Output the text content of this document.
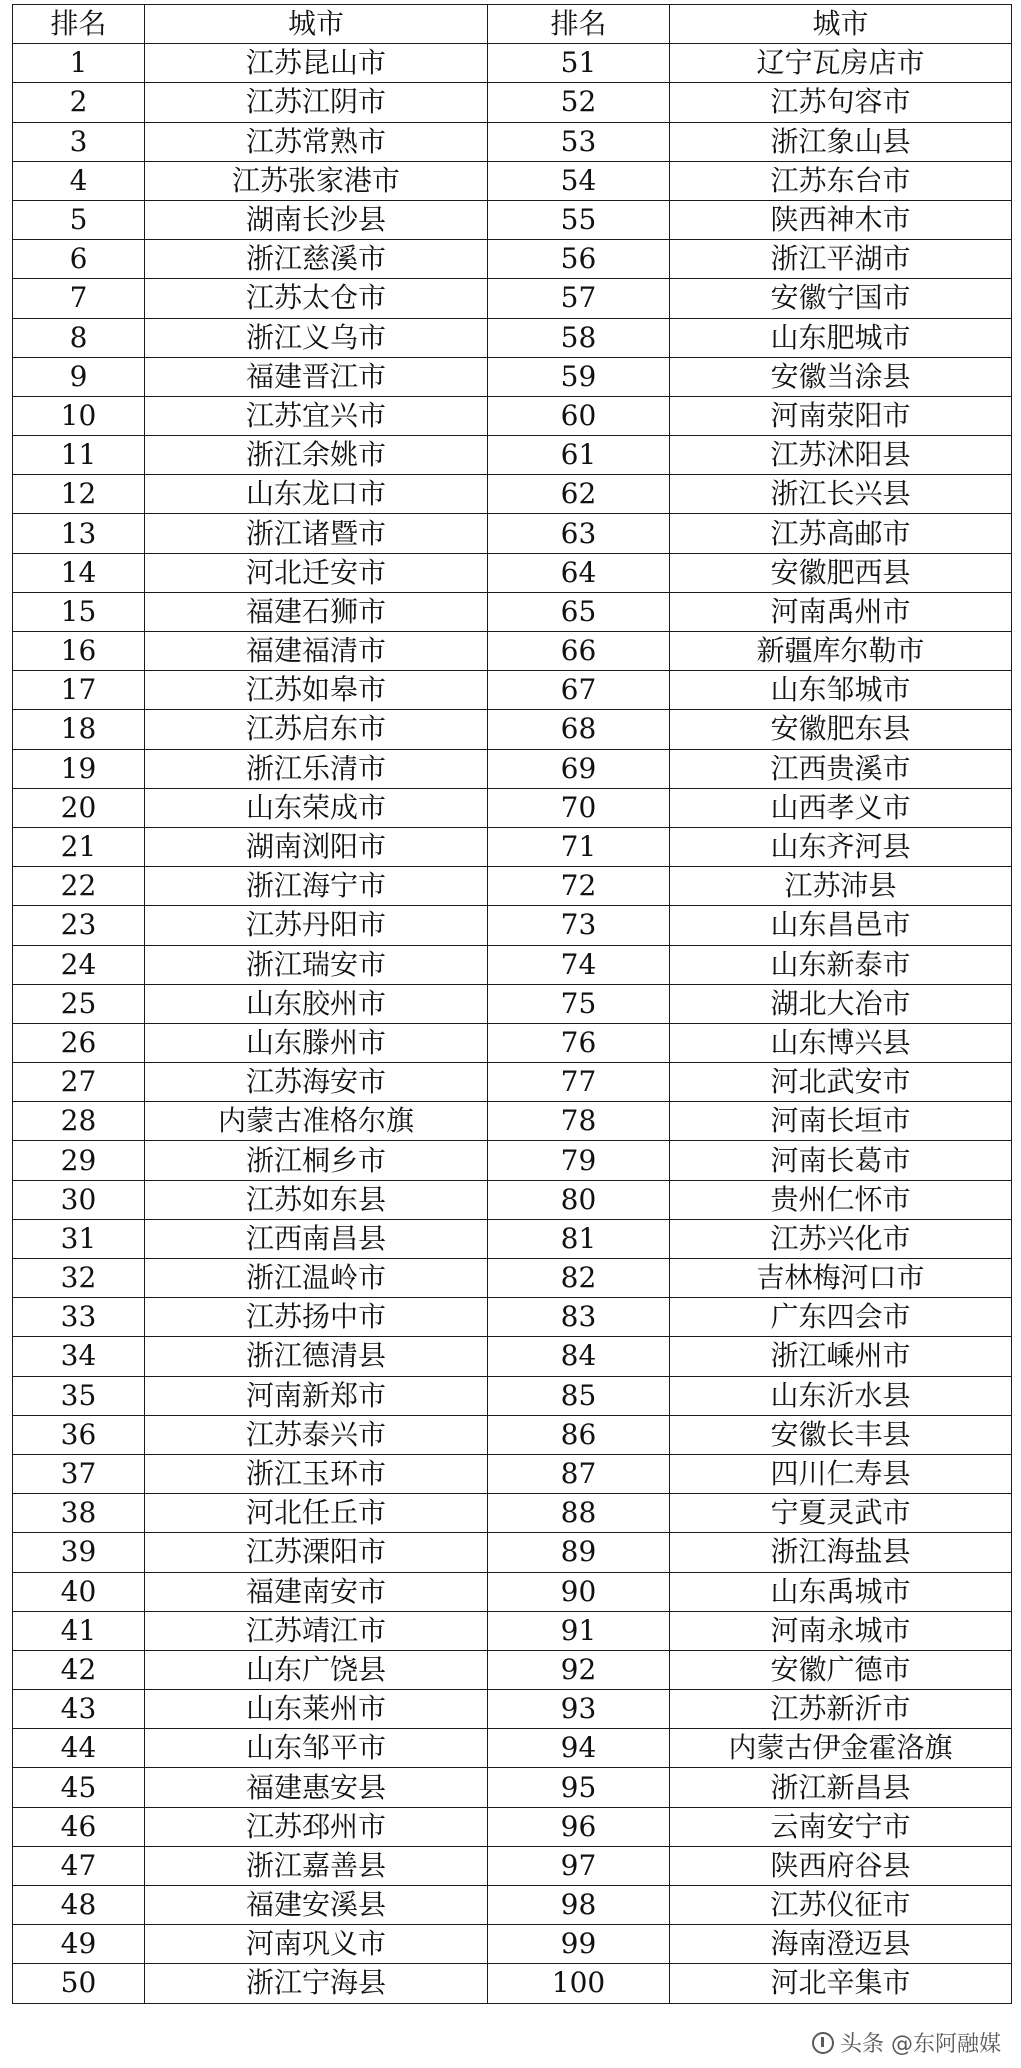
排名	城市	排名	城市
1	江苏昆山市	51	辽宁瓦房店市
2	江苏江阴市	52	江苏句容市
3	江苏常熟市	53	浙江象山县
4	江苏张家港市	54	江苏东台市
5	湖南长沙县	55	陕西神木市
6	浙江慈溪市	56	浙江平湖市
7	江苏太仓市	57	安徽宁国市
8	浙江义乌市	58	山东肥城市
9	福建晋江市	59	安徽当涂县
10	江苏宜兴市	60	河南荥阳市
11	浙江余姚市	61	江苏沭阳县
12	山东龙口市	62	浙江长兴县
13	浙江诸暨市	63	江苏高邮市
14	河北迁安市	64	安徽肥西县
15	福建石狮市	65	河南禹州市
16	福建福清市	66	新疆库尔勒市
17	江苏如皋市	67	山东邹城市
18	江苏启东市	68	安徽肥东县
19	浙江乐清市	69	江西贵溪市
20	山东荣成市	70	山西孝义市
21	湖南浏阳市	71	山东齐河县
22	浙江海宁市	72	江苏沛县
23	江苏丹阳市	73	山东昌邑市
24	浙江瑞安市	74	山东新泰市
25	山东胶州市	75	湖北大冶市
26	山东滕州市	76	山东博兴县
27	江苏海安市	77	河北武安市
28	内蒙古准格尔旗	78	河南长垣市
29	浙江桐乡市	79	河南长葛市
30	江苏如东县	80	贵州仁怀市
31	江西南昌县	81	江苏兴化市
32	浙江温岭市	82	吉林梅河口市
33	江苏扬中市	83	广东四会市
34	浙江德清县	84	浙江嵊州市
35	河南新郑市	85	山东沂水县
36	江苏泰兴市	86	安徽长丰县
37	浙江玉环市	87	四川仁寿县
38	河北任丘市	88	宁夏灵武市
39	江苏溧阳市	89	浙江海盐县
40	福建南安市	90	山东禹城市
41	江苏靖江市	91	河南永城市
42	山东广饶县	92	安徽广德市
43	山东莱州市	93	江苏新沂市
44	山东邹平市	94	内蒙古伊金霍洛旗
45	福建惠安县	95	浙江新昌县
46	江苏邳州市	96	云南安宁市
47	浙江嘉善县	97	陕西府谷县
48	福建安溪县	98	江苏仪征市
49	河南巩义市	99	海南澄迈县
50	浙江宁海县	100	河北辛集市
头条 @东阿融媒
